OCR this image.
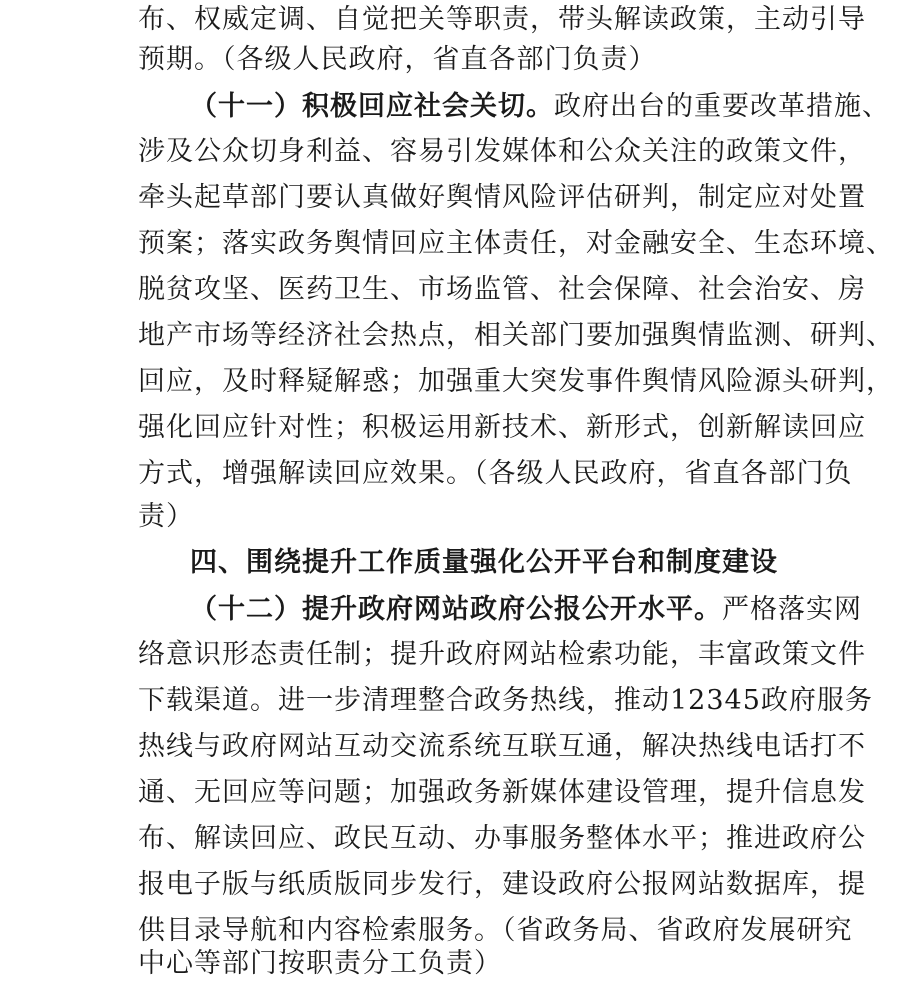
布、权威定调、自觉把关等职责，带头解读政策，主动引导
预期。（各级人民政府，省直各部门负责）
（十一）积极回应社会关切。政府出台的重要改革措施、
涉及公众切身利益、容易引发媒体和公众关注的政策文件，
牵头起草部门要认真做好舆情风险评估研判，制定应对处置
预案；落实政务舆情回应主体责任，对金融安全、生态环境、
脱贫攻坚、医药卫生、市场监管、社会保障、社会治安、房
地产市场等经济社会热点，相关部门要加强舆情监测、研判、
回应，及时释疑解惑；加强重大突发事件舆情风险源头研判，
强化回应针对性；积极运用新技术、新形式，创新解读回应
方式，增强解读回应效果。（各级人民政府，省直各部门负
责）
四、围绕提升工作质量强化公开平台和制度建设
（十二）提升政府网站政府公报公开水平。严格落实网
络意识形态责任制；提升政府网站检索功能，丰富政策文件
下载渠道。进一步清理整合政务热线，推动12345政府服务
热线与政府网站互动交流系统互联互通，解决热线电话打不
通、无回应等问题；加强政务新媒体建设管理，提升信息发
布、解读回应、政民互动、办事服务整体水平；推进政府公
报电子版与纸质版同步发行，建设政府公报网站数据库，提
供目录导航和内容检索服务。（省政务局、省政府发展研究
中心等部门按职责分工负责）
